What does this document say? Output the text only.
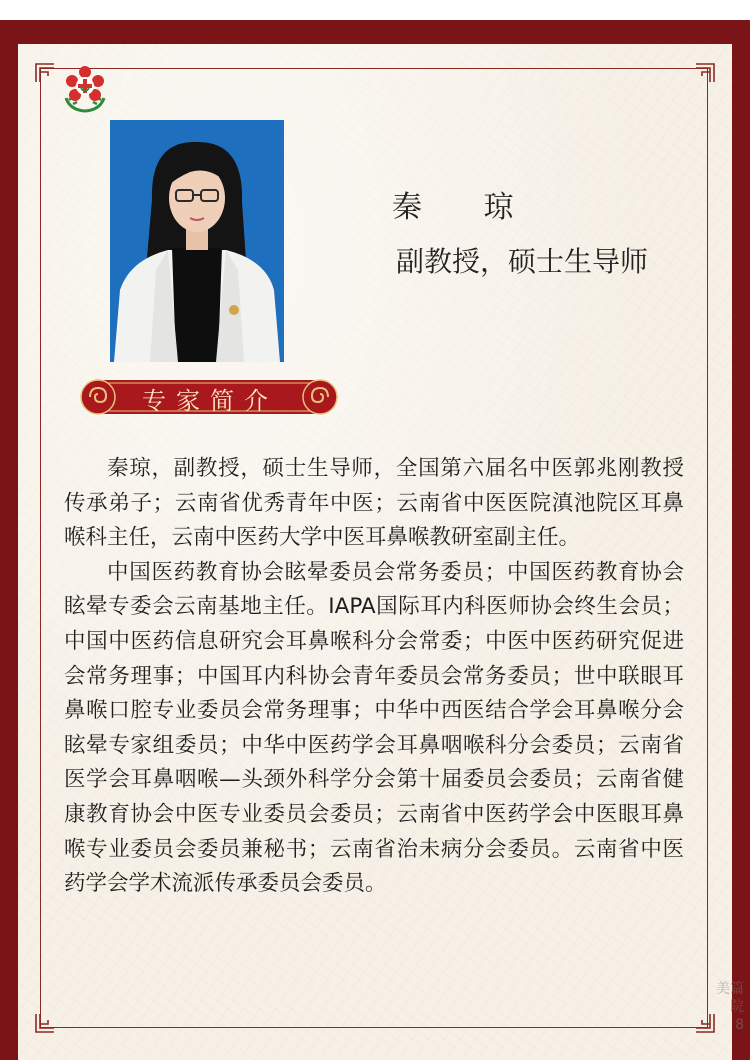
秦 琼
副教授，硕士生导师
专家简介

秦琼，副教授，硕士生导师，全国第六届名中医郭兆刚教授传承弟子；云南省优秀青年中医；云南省中医医院滇池院区耳鼻喉科主任，云南中医药大学中医耳鼻喉教研室副主任。

中国医药教育协会眩晕委员会常务委员；中国医药教育协会眩晕专委会云南基地主任。IAPA国际耳内科医师协会终生会员；中国中医药信息研究会耳鼻喉科分会常委；中医中医药研究促进会常务理事；中国耳内科协会青年委员会常务委员；世中联眼耳鼻喉口腔专业委员会常务理事；中华中西医结合学会耳鼻喉分会眩晕专家组委员；中华中医药学会耳鼻咽喉科分会委员；云南省医学会耳鼻咽喉—头颈外科学分会第十届委员会委员；云南省健康教育协会中医专业委员会委员；云南省中医药学会中医眼耳鼻喉专业委员会委员兼秘书；云南省治未病分会委员。云南省中医药学会学术流派传承委员会委员。

美篇
院
8
